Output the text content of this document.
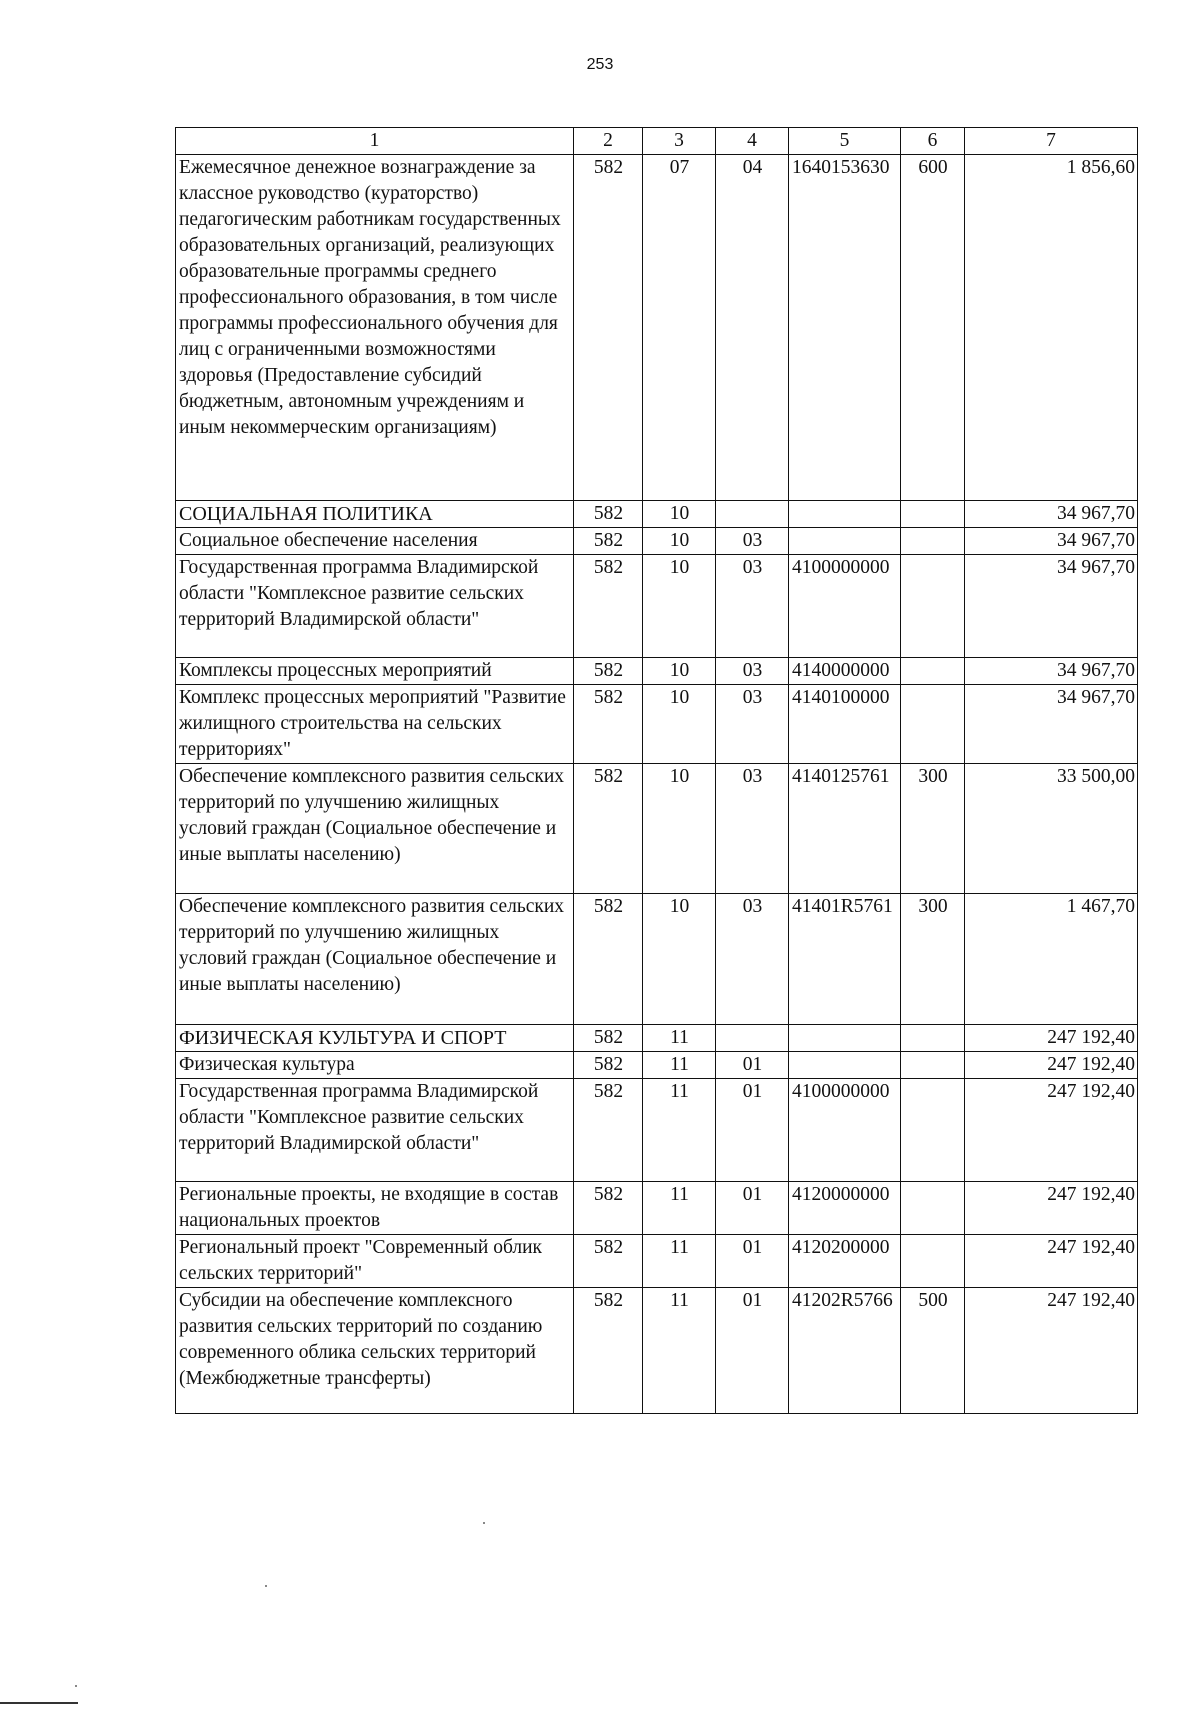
253
1	2	3	4	5	6	7
Ежемесячное денежное вознаграждение за классное руководство (кураторство) педагогическим работникам государственных образовательных организаций, реализующих образовательные программы среднего профессионального образования, в том числе программы профессионального обучения для лиц с ограниченными возможностями здоровья (Предоставление субсидий бюджетным, автономным учреждениям и иным некоммерческим организациям)	582	07	04	1640153630	600	1 856,60
СОЦИАЛЬНАЯ ПОЛИТИКА	582	10				34 967,70
Социальное обеспечение населения	582	10	03			34 967,70
Государственная программа Владимирской области "Комплексное развитие сельских территорий Владимирской области"	582	10	03	4100000000		34 967,70
Комплексы процессных мероприятий	582	10	03	4140000000		34 967,70
Комплекс процессных мероприятий "Развитие жилищного строительства на сельских территориях"	582	10	03	4140100000		34 967,70
Обеспечение комплексного развития сельских территорий по улучшению жилищных условий граждан (Социальное обеспечение и иные выплаты населению)	582	10	03	4140125761	300	33 500,00
Обеспечение комплексного развития сельских территорий по улучшению жилищных условий граждан (Социальное обеспечение и иные выплаты населению)	582	10	03	41401R5761	300	1 467,70
ФИЗИЧЕСКАЯ КУЛЬТУРА И СПОРТ	582	11				247 192,40
Физическая культура	582	11	01			247 192,40
Государственная программа Владимирской области "Комплексное развитие сельских территорий Владимирской области"	582	11	01	4100000000		247 192,40
Региональные проекты, не входящие в состав национальных проектов	582	11	01	4120000000		247 192,40
Региональный проект "Современный облик сельских территорий"	582	11	01	4120200000		247 192,40
Субсидии на обеспечение комплексного развития сельских территорий по созданию современного облика сельских территорий (Межбюджетные трансферты)	582	11	01	41202R5766	500	247 192,40
